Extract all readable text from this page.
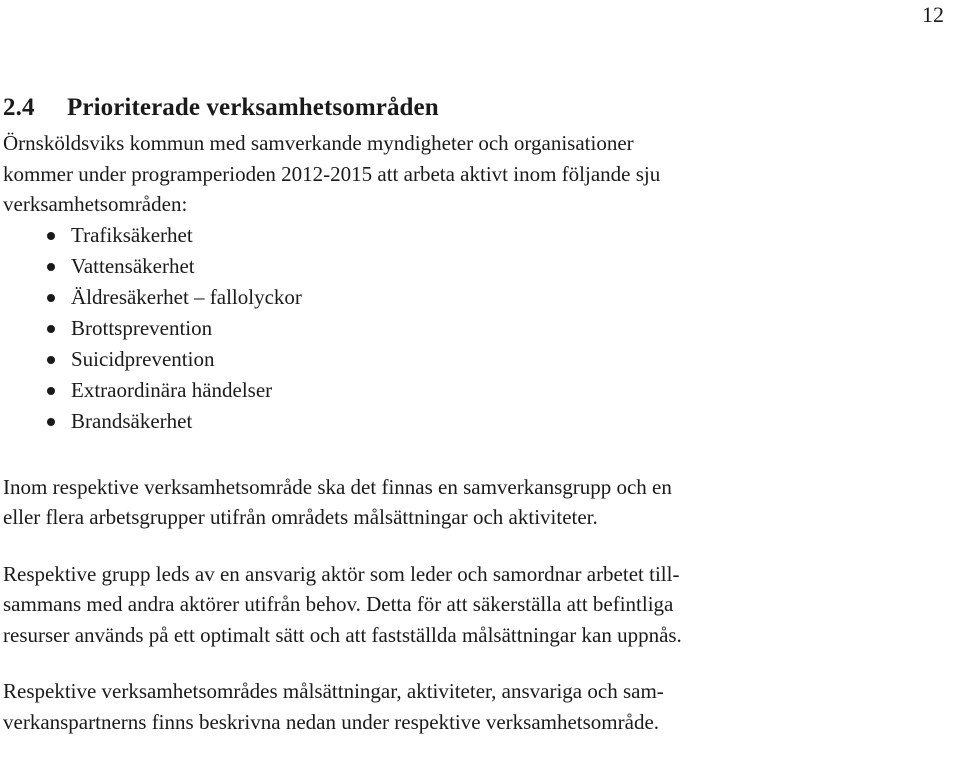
12
2.4 Prioriterade verksamhetsområden
Örnsköldsviks kommun med samverkande myndigheter och organisationer
kommer under programperioden 2012-2015 att arbeta aktivt inom följande sju
verksamhetsområden:
Trafiksäkerhet
Vattensäkerhet
Äldresäkerhet – fallolyckor
Brottsprevention
Suicidprevention
Extraordinära händelser
Brandsäkerhet
Inom respektive verksamhetsområde ska det finnas en samverkansgrupp och en
eller flera arbetsgrupper utifrån områdets målsättningar och aktiviteter.
Respektive grupp leds av en ansvarig aktör som leder och samordnar arbetet till-
sammans med andra aktörer utifrån behov. Detta för att säkerställa att befintliga
resurser används på ett optimalt sätt och att fastställda målsättningar kan uppnås.
Respektive verksamhetsområdes målsättningar, aktiviteter, ansvariga och sam-
verkanspartnerns finns beskrivna nedan under respektive verksamhetsområde.
